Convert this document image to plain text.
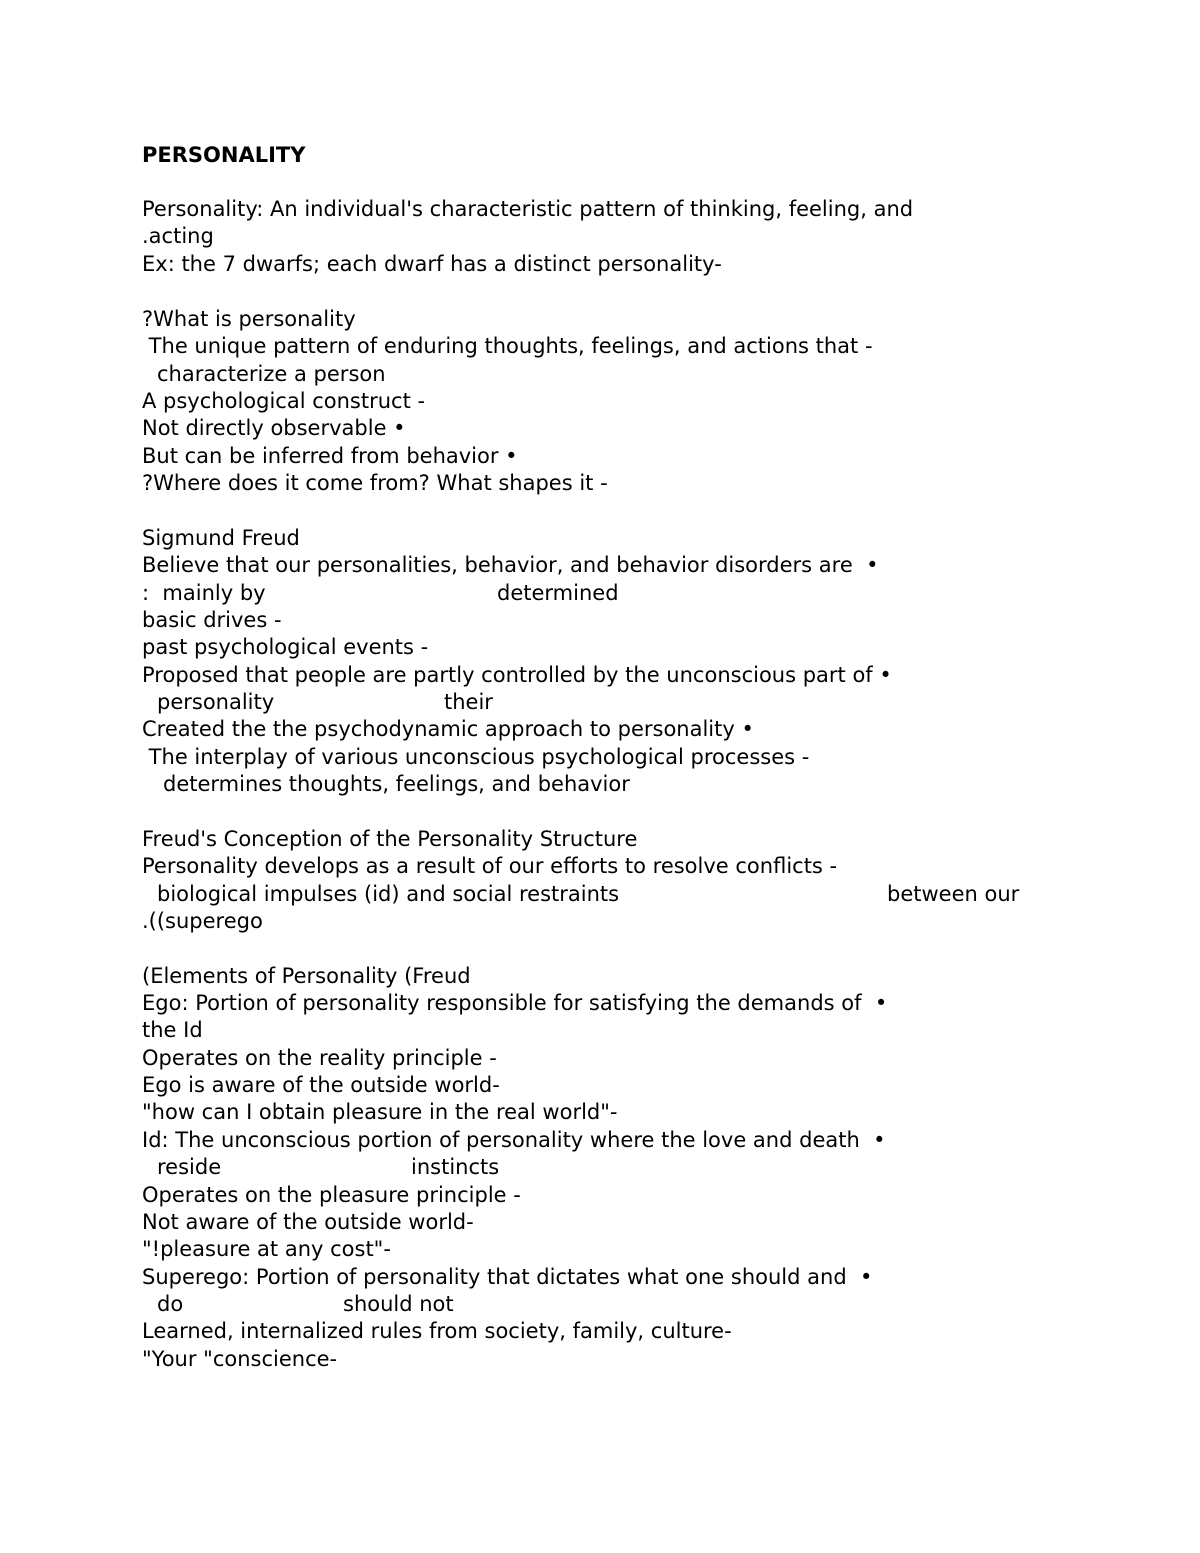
PERSONALITY
Personality: An individual's characteristic pattern of thinking, feeling, and
.acting
Ex: the 7 dwarfs; each dwarf has a distinct personality-
?What is personality
The unique pattern of enduring thoughts, feelings, and actions that -
characterize a person
A psychological construct -
Not directly observable •
But can be inferred from behavior •
?Where does it come from? What shapes it -
Sigmund Freud
Believe that our personalities, behavior, and behavior disorders are  •
:  mainly by	determined
basic drives -
past psychological events -
Proposed that people are partly controlled by the unconscious part of •
personality	their
Created the the psychodynamic approach to personality •
The interplay of various unconscious psychological processes -
determines thoughts, feelings, and behavior
Freud's Conception of the Personality Structure
Personality develops as a result of our efforts to resolve conflicts -
biological impulses (id) and social restraints	between our
.((superego
(Elements of Personality (Freud
Ego: Portion of personality responsible for satisfying the demands of  •
the Id
Operates on the reality principle -
Ego is aware of the outside world-
"how can I obtain pleasure in the real world"-
Id: The unconscious portion of personality where the love and death  •
reside	instincts
Operates on the pleasure principle -
Not aware of the outside world-
"!pleasure at any cost"-
Superego: Portion of personality that dictates what one should and  •
do	should not
Learned, internalized rules from society, family, culture-
"Your "conscience-
